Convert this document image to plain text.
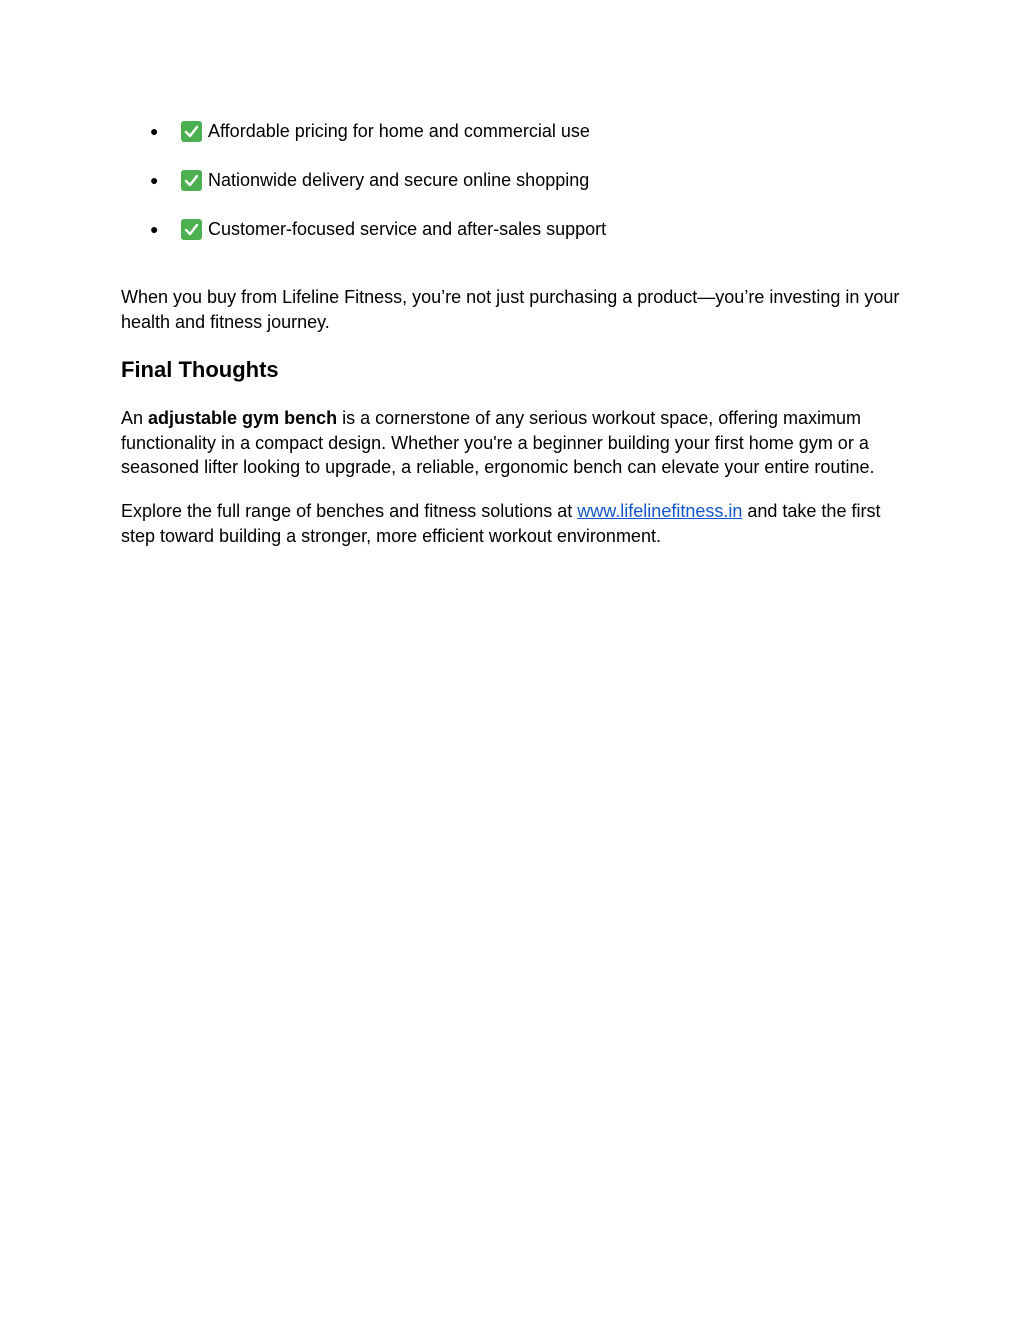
●	Affordable pricing for home and commercial use
●	Nationwide delivery and secure online shopping
●	Customer-focused service and after-sales support

When you buy from Lifeline Fitness, you’re not just purchasing a product—you’re investing in your health and fitness journey.

Final Thoughts

An adjustable gym bench is a cornerstone of any serious workout space, offering maximum functionality in a compact design. Whether you're a beginner building your first home gym or a seasoned lifter looking to upgrade, a reliable, ergonomic bench can elevate your entire routine.

Explore the full range of benches and fitness solutions at www.lifelinefitness.in and take the first step toward building a stronger, more efficient workout environment.
